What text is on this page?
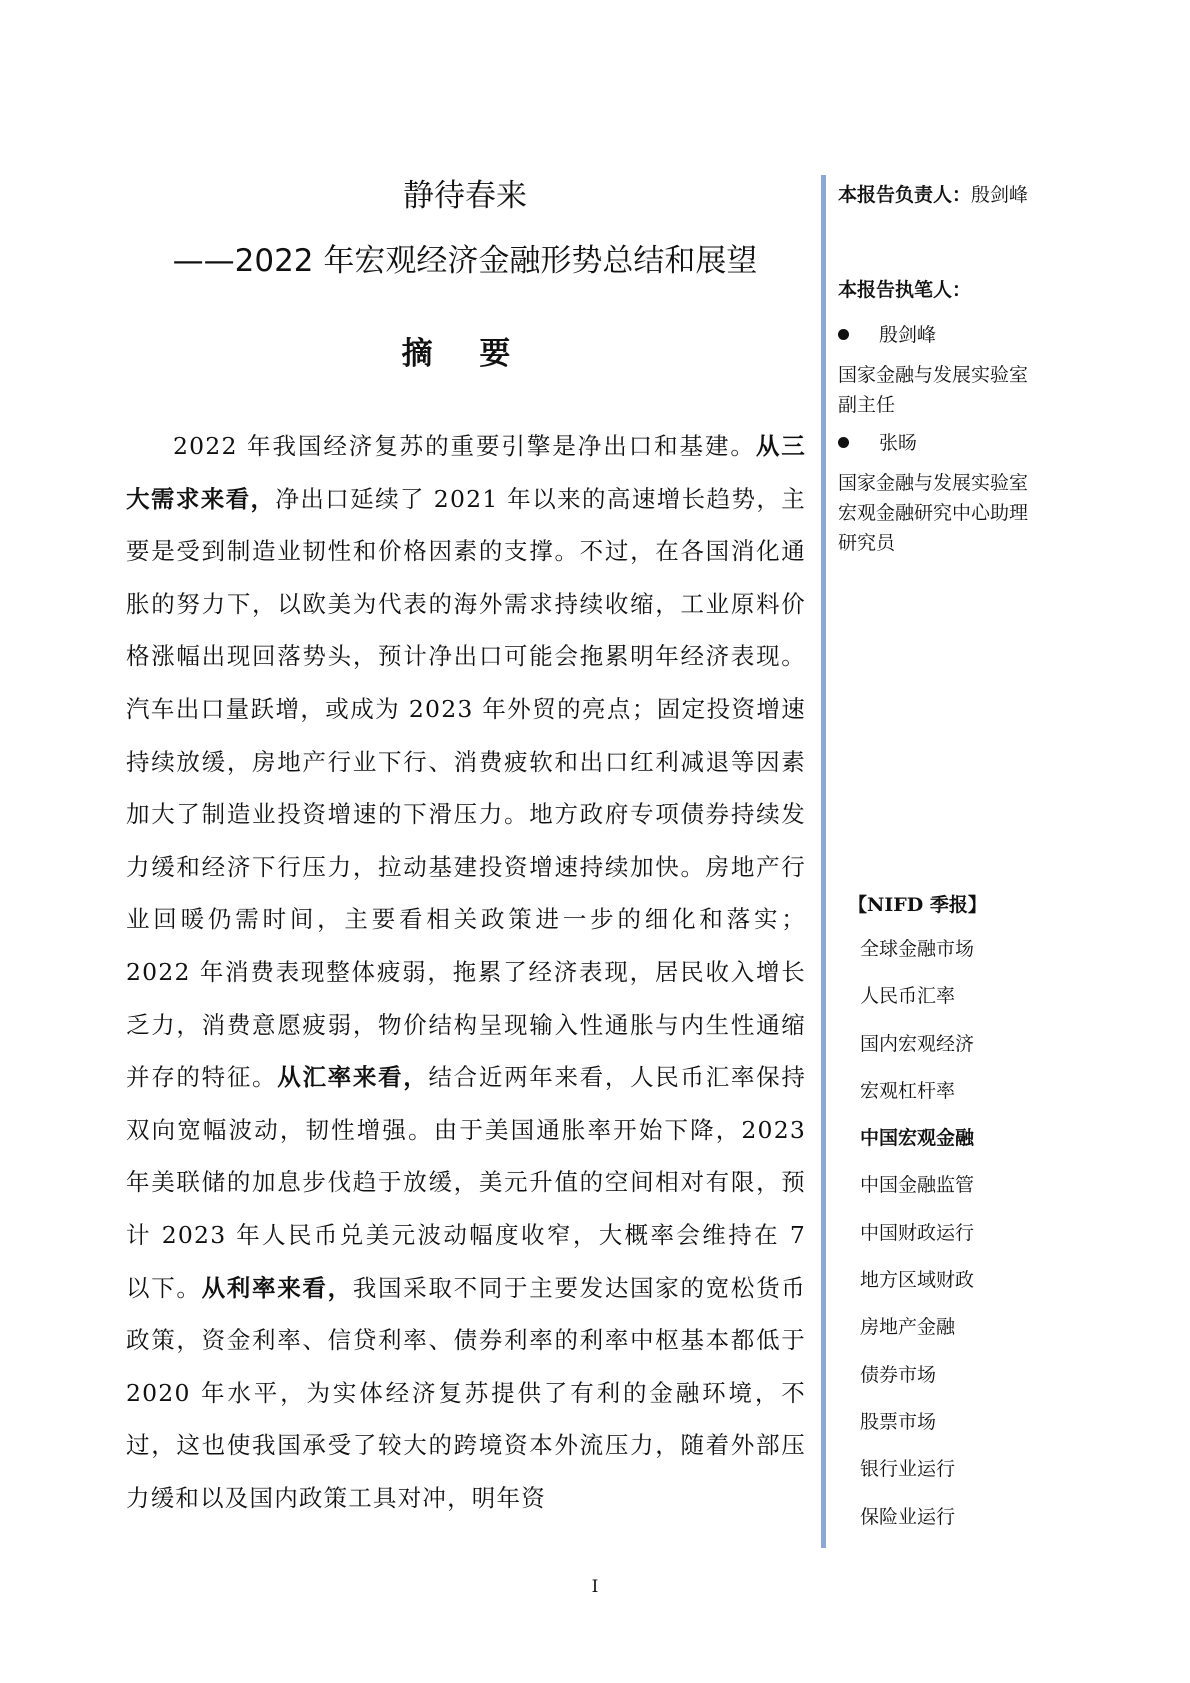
静待春来
——2022 年宏观经济金融形势总结和展望
摘 要

2022 年我国经济复苏的重要引擎是净出口和基建。从三大需求来看，净出口延续了 2021 年以来的高速增长趋势，主要是受到制造业韧性和价格因素的支撑。不过，在各国消化通胀的努力下，以欧美为代表的海外需求持续收缩，工业原料价格涨幅出现回落势头，预计净出口可能会拖累明年经济表现。汽车出口量跃增，或成为 2023 年外贸的亮点；固定投资增速持续放缓，房地产行业下行、消费疲软和出口红利减退等因素加大了制造业投资增速的下滑压力。地方政府专项债券持续发力缓和经济下行压力，拉动基建投资增速持续加快。房地产行业回暖仍需时间，主要看相关政策进一步的细化和落实；2022 年消费表现整体疲弱，拖累了经济表现，居民收入增长乏力，消费意愿疲弱，物价结构呈现输入性通胀与内生性通缩并存的特征。从汇率来看，结合近两年来看，人民币汇率保持双向宽幅波动，韧性增强。由于美国通胀率开始下降，2023 年美联储的加息步伐趋于放缓，美元升值的空间相对有限，预计 2023 年人民币兑美元波动幅度收窄，大概率会维持在 7 以下。从利率来看，我国采取不同于主要发达国家的宽松货币政策，资金利率、信贷利率、债券利率的利率中枢基本都低于 2020 年水平，为实体经济复苏提供了有利的金融环境，不过，这也使我国承受了较大的跨境资本外流压力，随着外部压力缓和以及国内政策工具对冲，明年资

本报告负责人：殷剑峰
本报告执笔人：
殷剑峰
国家金融与发展实验室
副主任
张旸
国家金融与发展实验室
宏观金融研究中心助理
研究员
【NIFD 季报】
全球金融市场
人民币汇率
国内宏观经济
宏观杠杆率
中国宏观金融
中国金融监管
中国财政运行
地方区域财政
房地产金融
债券市场
股票市场
银行业运行
保险业运行
I
